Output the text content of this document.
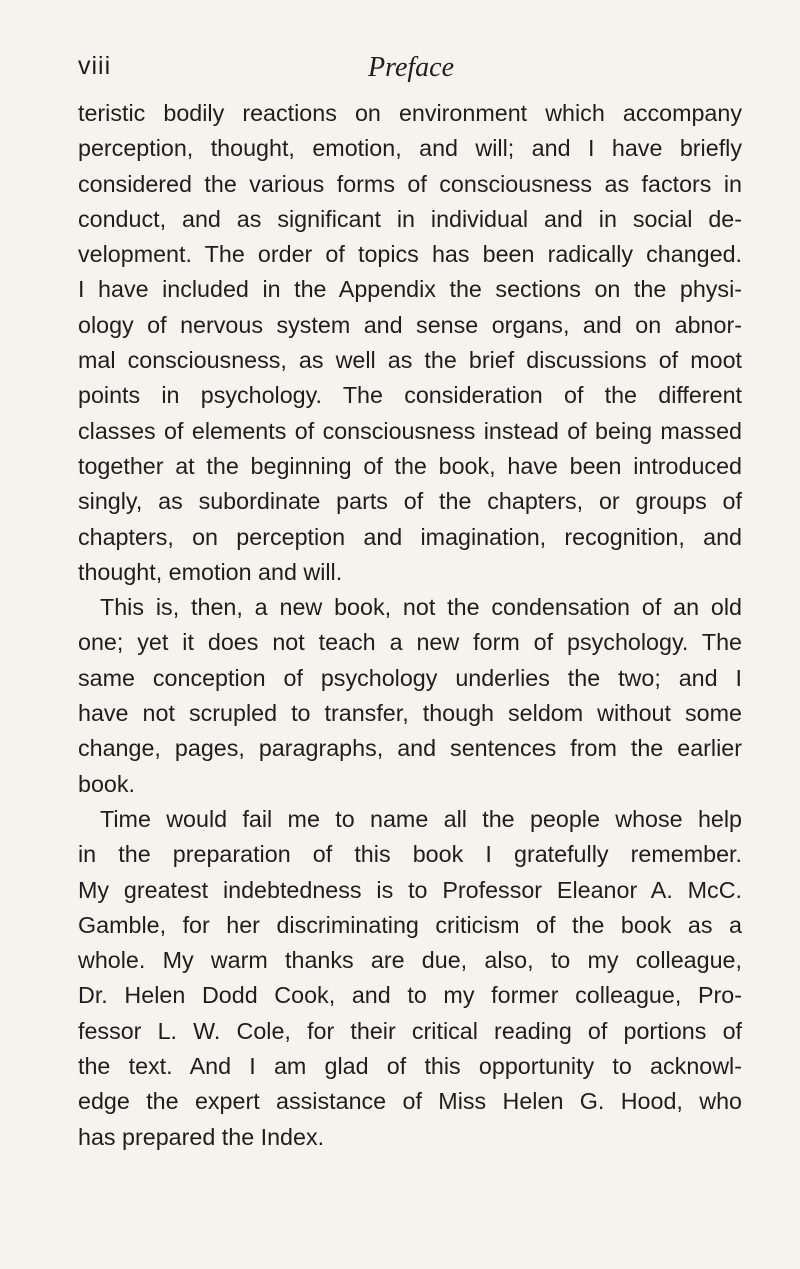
viii	Preface
teristic bodily reactions on environment which accompany
perception, thought, emotion, and will; and I have briefly
considered the various forms of consciousness as factors in
conduct, and as significant in individual and in social de-
velopment. The order of topics has been radically changed.
I have included in the Appendix the sections on the physi-
ology of nervous system and sense organs, and on abnor-
mal consciousness, as well as the brief discussions of moot
points in psychology. The consideration of the different
classes of elements of consciousness instead of being massed
together at the beginning of the book, have been introduced
singly, as subordinate parts of the chapters, or groups of
chapters, on perception and imagination, recognition, and
thought, emotion and will.
This is, then, a new book, not the condensation of an old
one; yet it does not teach a new form of psychology. The
same conception of psychology underlies the two; and I
have not scrupled to transfer, though seldom without some
change, pages, paragraphs, and sentences from the earlier
book.
Time would fail me to name all the people whose help
in the preparation of this book I gratefully remember.
My greatest indebtedness is to Professor Eleanor A. McC.
Gamble, for her discriminating criticism of the book as a
whole. My warm thanks are due, also, to my colleague,
Dr. Helen Dodd Cook, and to my former colleague, Pro-
fessor L. W. Cole, for their critical reading of portions of
the text. And I am glad of this opportunity to acknowl-
edge the expert assistance of Miss Helen G. Hood, who
has prepared the Index.
